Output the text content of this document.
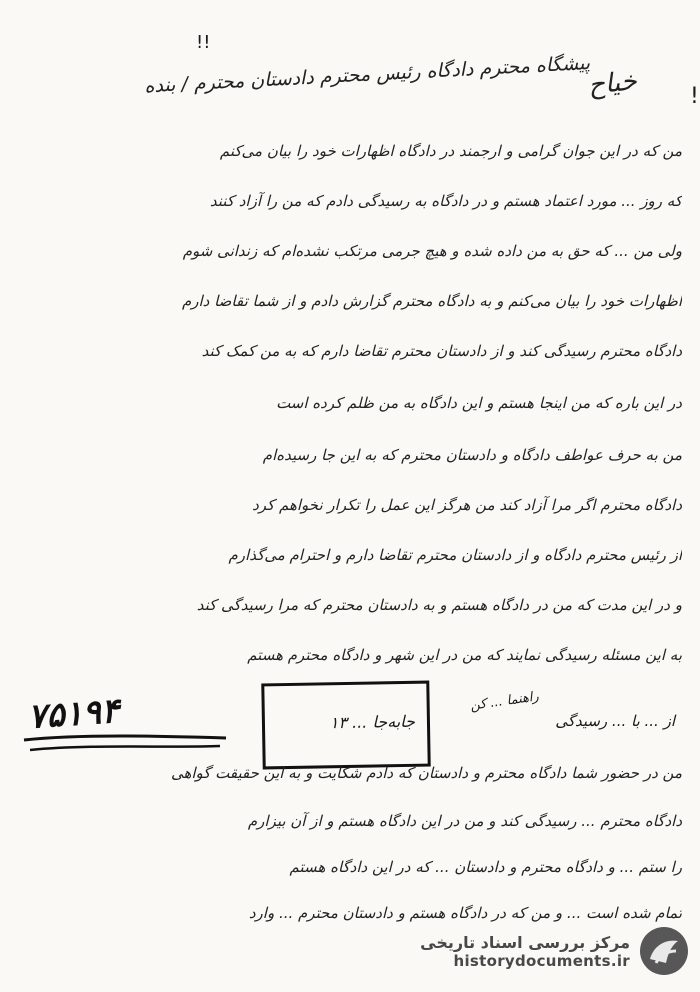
خیاح
پیشگاه محترم دادگاه رئیس محترم دادستان محترم / بنده	!
!!
من که در این جوان گرامی و ارجمند در دادگاه اظهارات خود را بیان می‌کنم
که روز ... مورد اعتماد هستم و در دادگاه به رسیدگی دادم که من را آزاد کنند
ولی من ... که حق به من داده شده و هیچ جرمی مرتکب نشده‌ام که زندانی شوم
اظهارات خود را بیان می‌کنم و به دادگاه محترم گزارش دادم و از شما تقاضا دارم
دادگاه محترم رسیدگی کند و از دادستان محترم تقاضا دارم که به من کمک کند
در این باره که من اینجا هستم و این دادگاه به من ظلم کرده است
من به حرف عواطف دادگاه و دادستان محترم که به این جا رسیده‌ام
دادگاه محترم اگر مرا آزاد کند من هرگز این عمل را تکرار نخواهم کرد
از رئیس محترم دادگاه و از دادستان محترم تقاضا دارم و احترام می‌گذارم
و در این مدت که من در دادگاه هستم و به دادستان محترم که مرا رسیدگی کند
به این مسئله رسیدگی نمایند که من در این شهر و دادگاه محترم هستم
۷۵۱۹۴	جابه‌جا ... ۱۳
راهنما ... کن
از ... با ... رسیدگی
من در حضور شما دادگاه محترم و دادستان که دادم شکایت و به این حقیقت گواهی
دادگاه محترم ... رسیدگی کند و من در این دادگاه هستم و از آن بیزارم
را ستم ... و دادگاه محترم و دادستان ... که در این دادگاه هستم
تمام شده است ... و من که در دادگاه هستم و دادستان محترم ... وارد
مرکز بررسی اسناد تاریخی
historydocuments.ir
